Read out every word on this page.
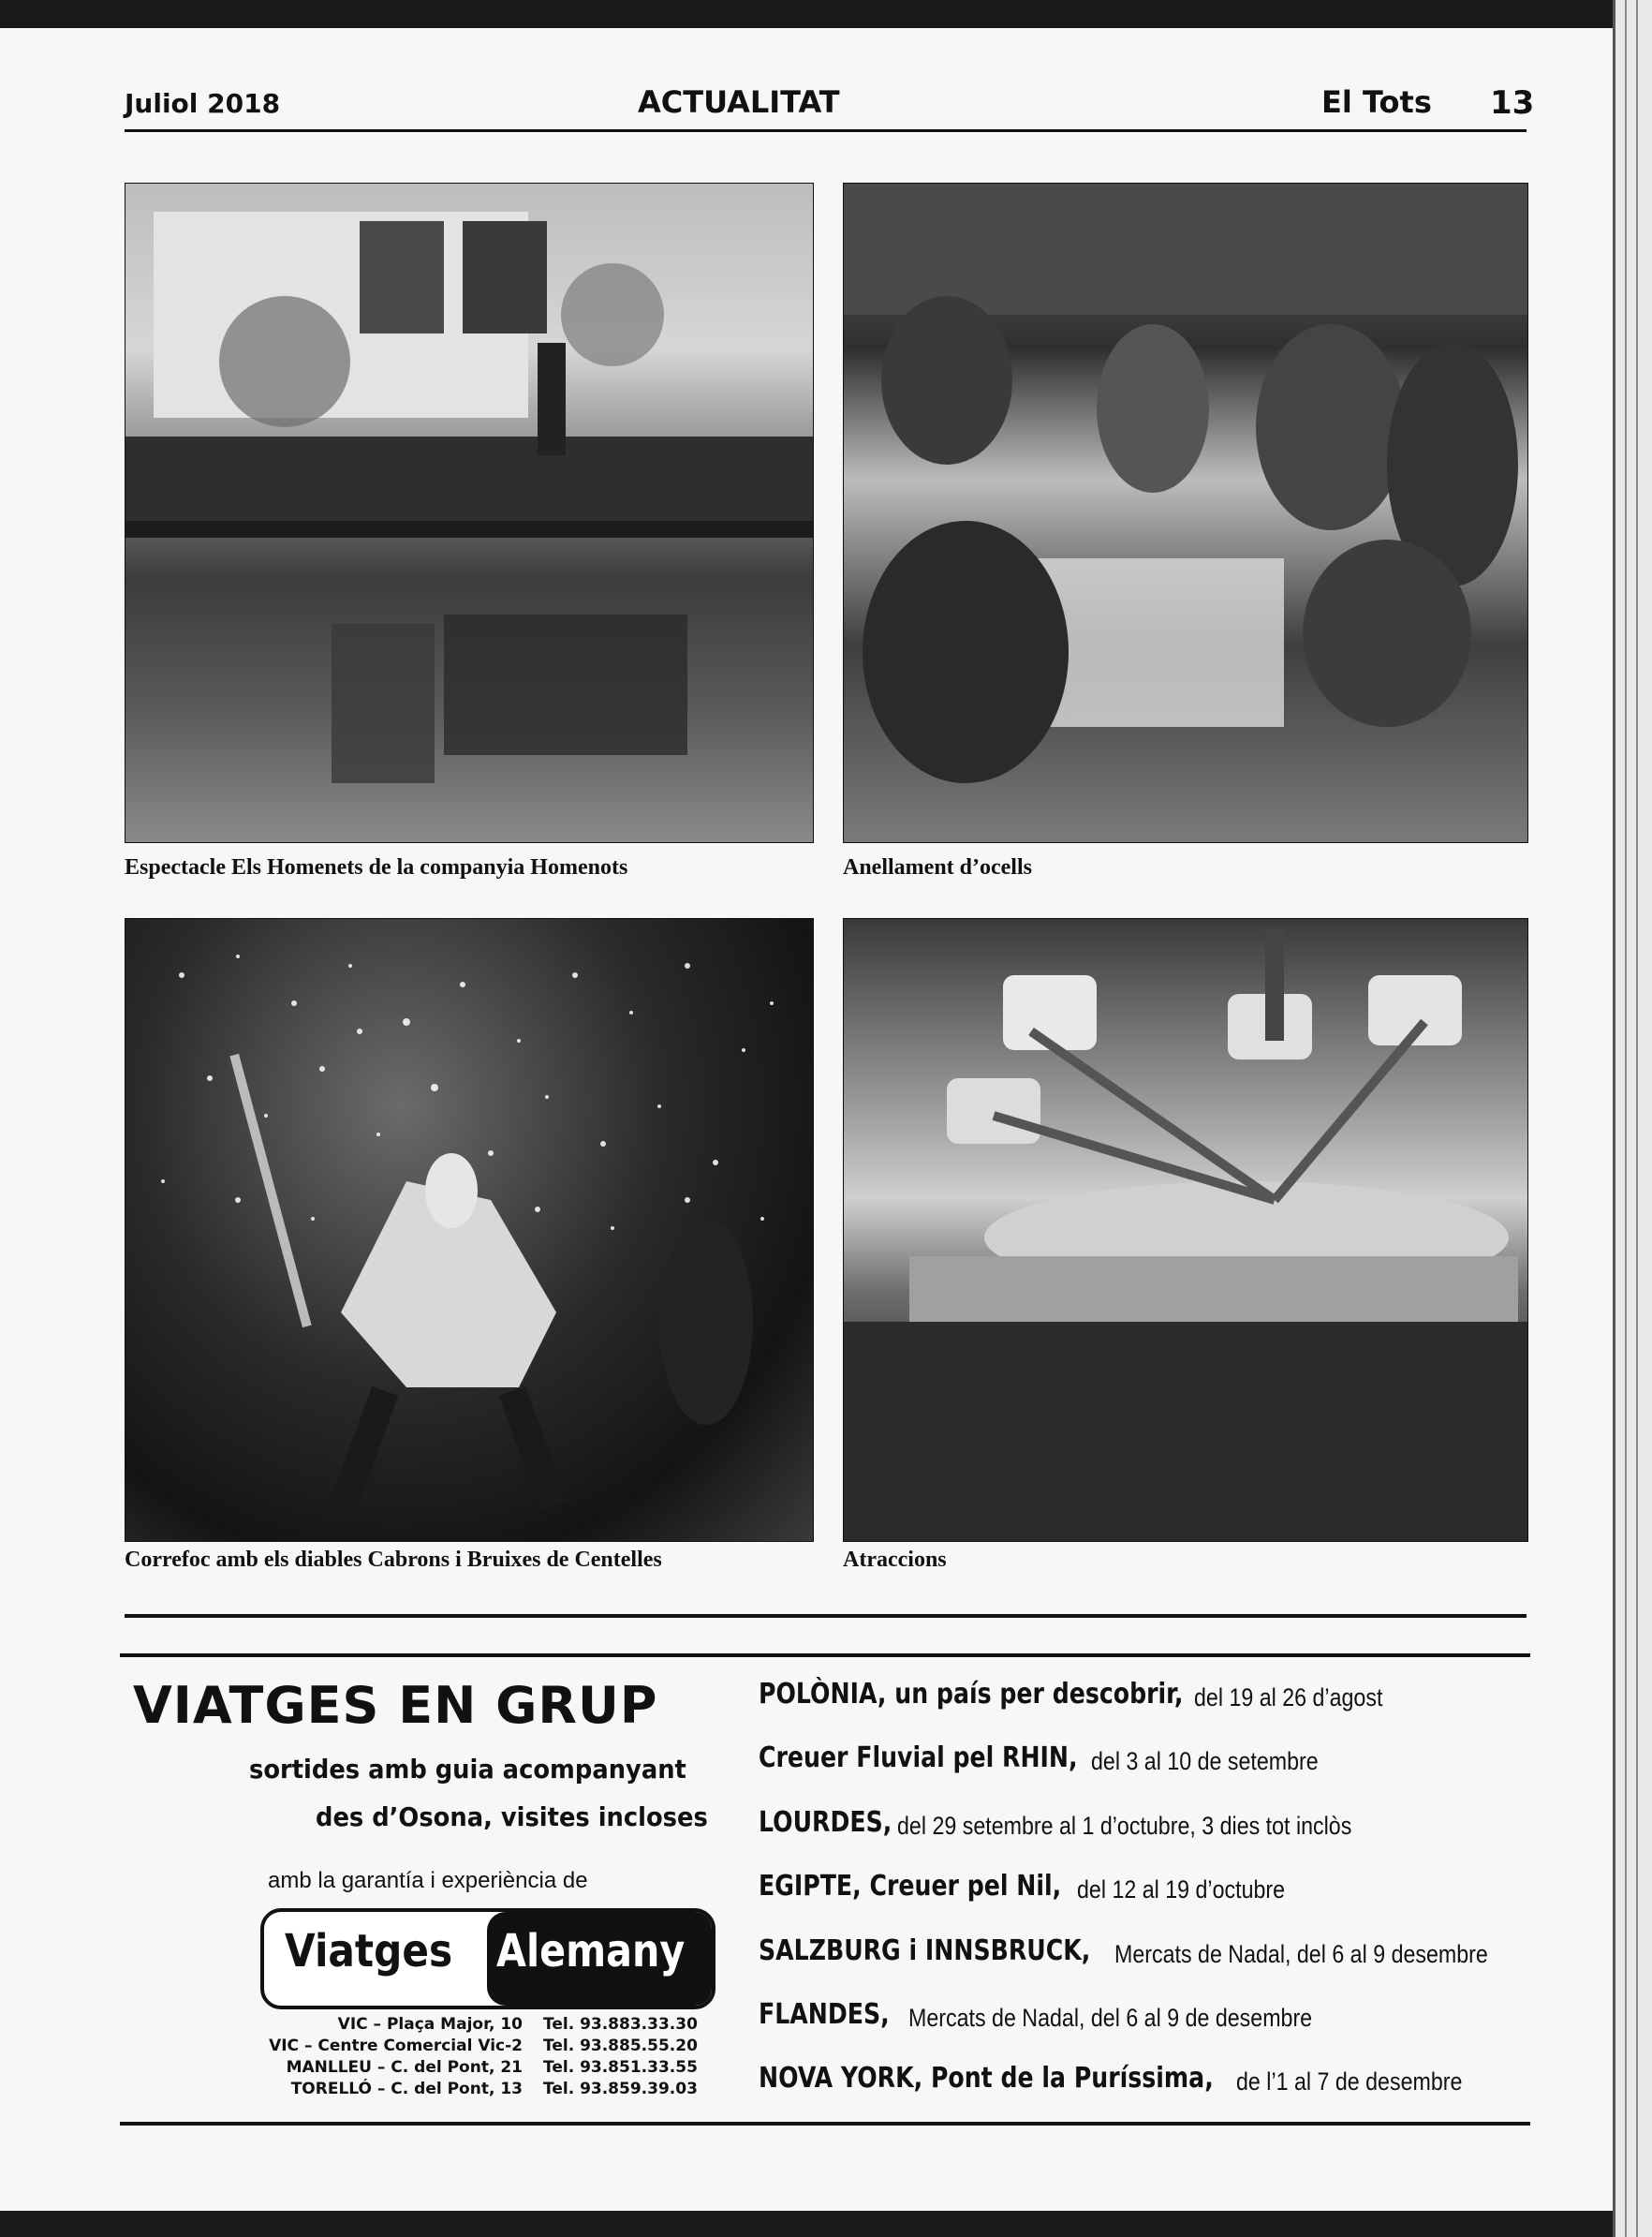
Juliol 2018	ACTUALITAT	El Tots 13
Espectacle Els Homenets de la companyia Homenots	Anellament d’ocells
Correfoc amb els diables Cabrons i Bruixes de Centelles	Atraccions
VIATGES EN GRUP
sortides amb guia acompanyant
des d’Osona, visites incloses
amb la garantía i experiència de
Viatges Alemany
VIC – Plaça Major, 10 Tel. 93.883.33.30
VIC – Centre Comercial Vic-2 Tel. 93.885.55.20
MANLLEU – C. del Pont, 21 Tel. 93.851.33.55
TORELLÓ – C. del Pont, 13 Tel. 93.859.39.03
POLÒNIA, un país per descobrir, del 19 al 26 d’agost
Creuer Fluvial pel RHIN, del 3 al 10 de setembre
LOURDES, del 29 setembre al 1 d’octubre, 3 dies tot inclòs
EGIPTE, Creuer pel Nil, del 12 al 19 d’octubre
SALZBURG i INNSBRUCK, Mercats de Nadal, del 6 al 9 desembre
FLANDES, Mercats de Nadal, del 6 al 9 de desembre
NOVA YORK, Pont de la Puríssima, de l’1 al 7 de desembre
